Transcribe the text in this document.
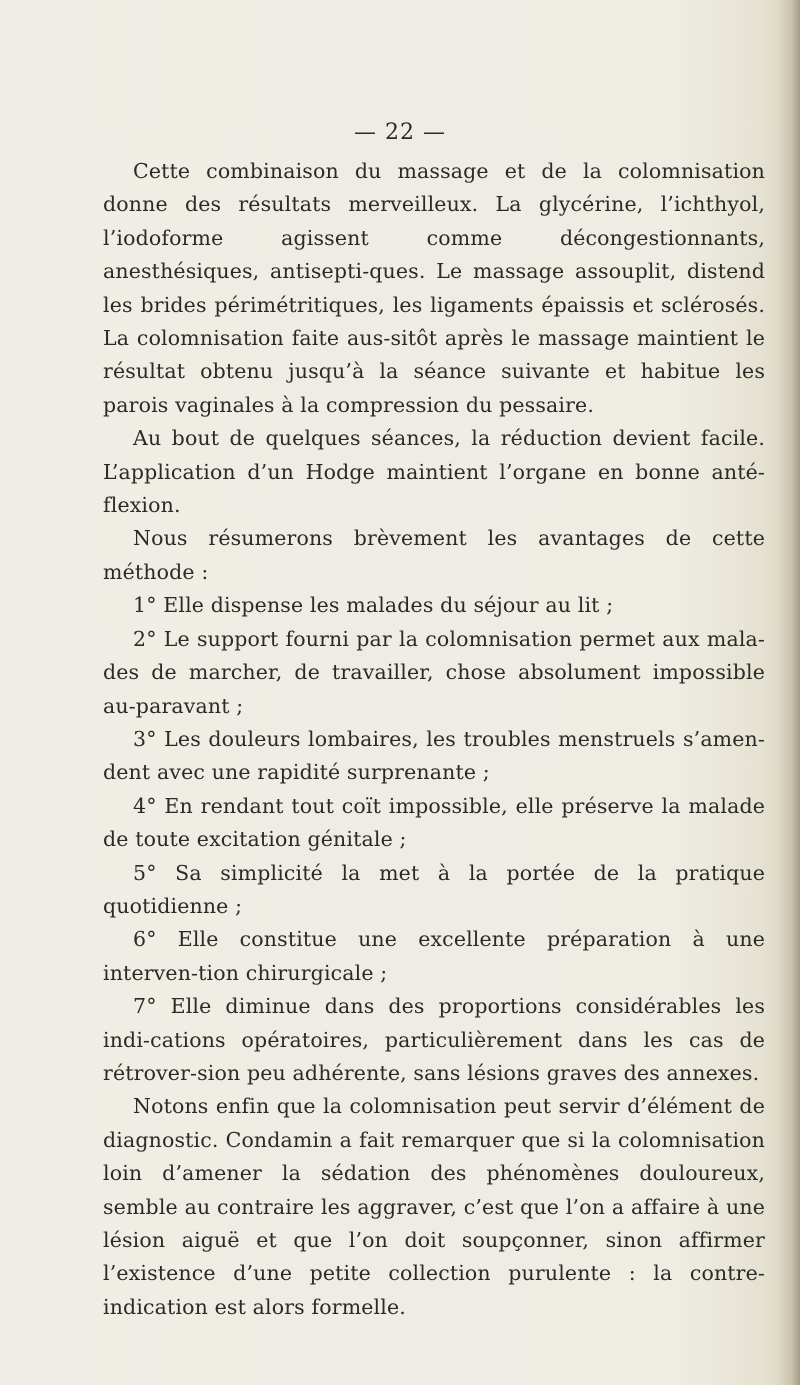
— 22 —

Cette combinaison du massage et de la colomnisation donne des résultats merveilleux. La glycérine, l’ichthyol, l’iodoforme agissent comme décongestionnants, anesthésiques, antisepti-ques. Le massage assouplit, distend les brides périmétritiques, les ligaments épaissis et sclérosés. La colomnisation faite aus-sitôt après le massage maintient le résultat obtenu jusqu’à la séance suivante et habitue les parois vaginales à la compression du pessaire.

Au bout de quelques séances, la réduction devient facile. L’application d’un Hodge maintient l’organe en bonne anté-flexion.

Nous résumerons brèvement les avantages de cette méthode :

1° Elle dispense les malades du séjour au lit ;

2° Le support fourni par la colomnisation permet aux mala-des de marcher, de travailler, chose absolument impossible au-paravant ;

3° Les douleurs lombaires, les troubles menstruels s’amen-dent avec une rapidité surprenante ;

4° En rendant tout coït impossible, elle préserve la malade de toute excitation génitale ;

5° Sa simplicité la met à la portée de la pratique quotidienne ;

6° Elle constitue une excellente préparation à une interven-tion chirurgicale ;

7° Elle diminue dans des proportions considérables les indi-cations opératoires, particulièrement dans les cas de rétrover-sion peu adhérente, sans lésions graves des annexes.

Notons enfin que la colomnisation peut servir d’élément de diagnostic. Condamin a fait remarquer que si la colomnisation loin d’amener la sédation des phénomènes douloureux, semble au contraire les aggraver, c’est que l’on a affaire à une lésion aiguë et que l’on doit soupçonner, sinon affirmer l’existence d’une petite collection purulente : la contre-indication est alors formelle.
